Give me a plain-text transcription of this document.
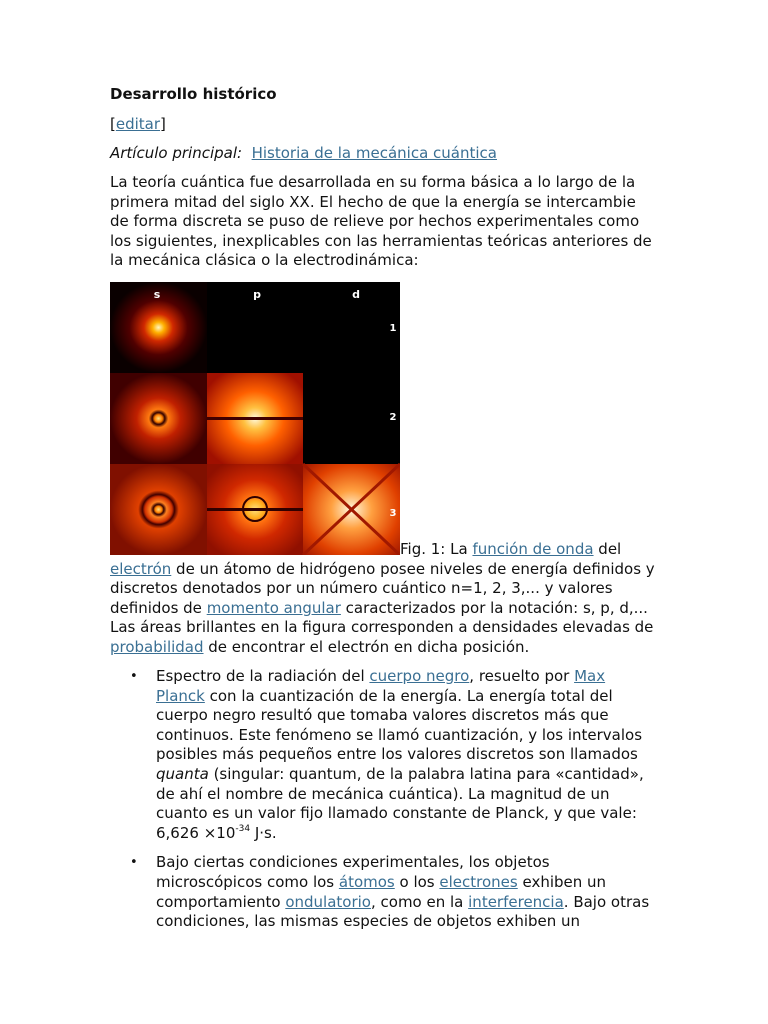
Desarrollo histórico
[editar]
Artículo principal: Historia de la mecánica cuántica

La teoría cuántica fue desarrollada en su forma básica a lo largo de la primera mitad del siglo XX. El hecho de que la energía se intercambie de forma discreta se puso de relieve por hechos experimentales como los siguientes, inexplicables con las herramientas teóricas anteriores de la mecánica clásica o la electrodinámica:

s	p	d
1
2
3

Fig. 1: La función de onda del electrón de un átomo de hidrógeno posee niveles de energía definidos y discretos denotados por un número cuántico n=1, 2, 3,... y valores definidos de momento angular caracterizados por la notación: s, p, d,... Las áreas brillantes en la figura corresponden a densidades elevadas de probabilidad de encontrar el electrón en dicha posición.

• Espectro de la radiación del cuerpo negro, resuelto por Max Planck con la cuantización de la energía. La energía total del cuerpo negro resultó que tomaba valores discretos más que continuos. Este fenómeno se llamó cuantización, y los intervalos posibles más pequeños entre los valores discretos son llamados quanta (singular: quantum, de la palabra latina para «cantidad», de ahí el nombre de mecánica cuántica). La magnitud de un cuanto es un valor fijo llamado constante de Planck, y que vale: $6,626 \times 10^{-34}$ J·s.
• Bajo ciertas condiciones experimentales, los objetos microscópicos como los átomos o los electrones exhiben un comportamiento ondulatorio, como en la interferencia. Bajo otras condiciones, las mismas especies de objetos exhiben un
